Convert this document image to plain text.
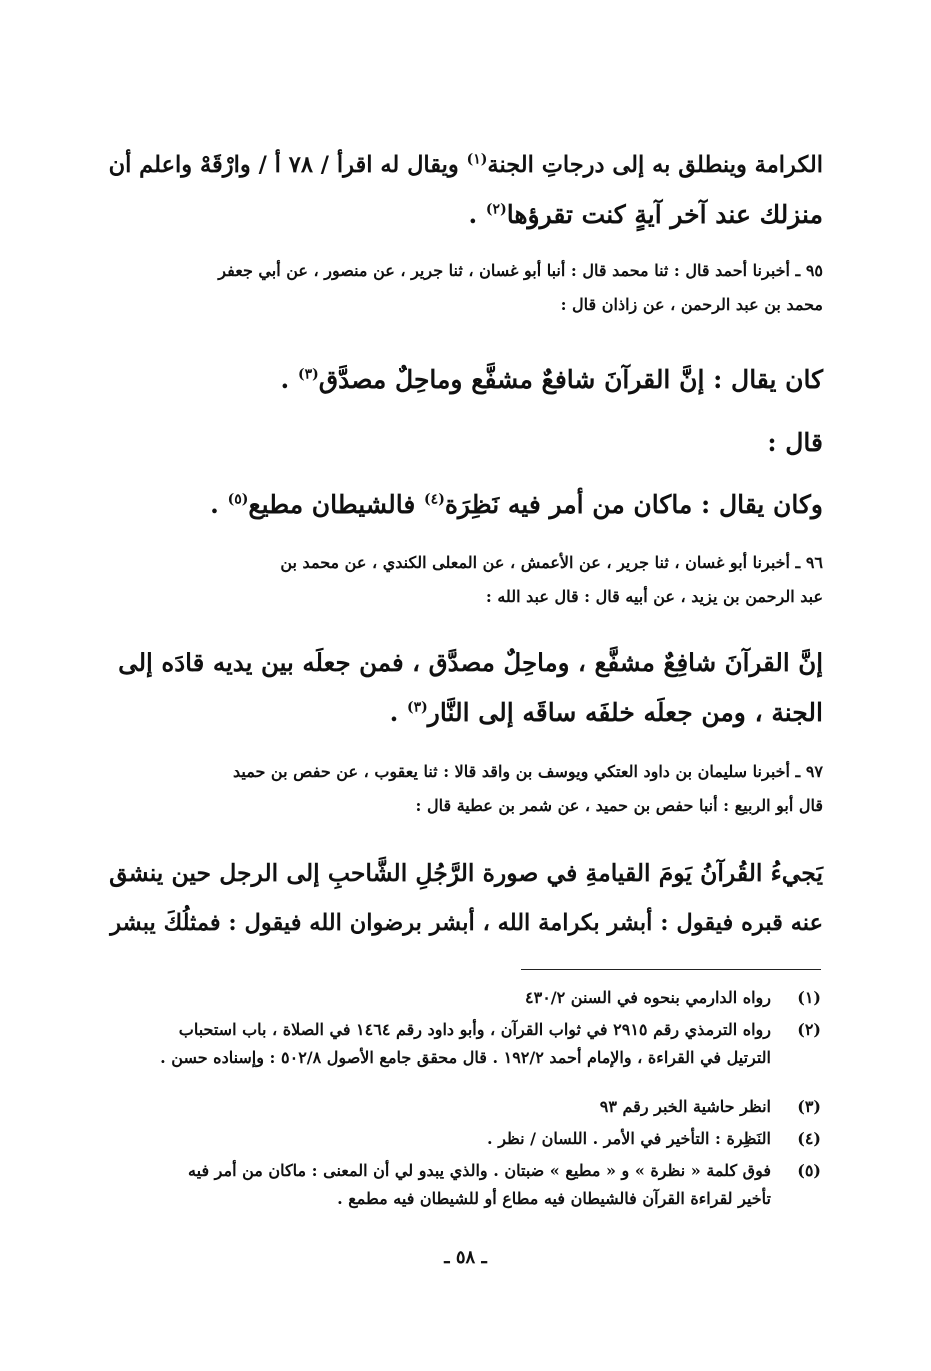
الكرامة وينطلق به إلى درجاتِ الجنة$^{(١)}$ ويقال له اقرأ / ٧٨ أ / وارْقَهْ واعلم أن
منزلك عند آخر آيةٍ كنت تقرؤها$^{(٢)}$ .
٩٥ ـ أخبرنا أحمد قال : ثنا محمد قال : أنبا أبو غسان ، ثنا جرير ، عن منصور ، عن أبي جعفر
محمد بن عبد الرحمن ، عن زاذان قال :
كان يقال : إنَّ القرآنَ شافعٌ مشفَّع وماحِلٌ مصدَّق$^{(٣)}$ .
قال :
وكان يقال : ماكان من أمر فيه نَظِرَة$^{(٤)}$ فالشيطان مطيع$^{(٥)}$ .
٩٦ ـ أخبرنا أبو غسان ، ثنا جرير ، عن الأعمش ، عن المعلى الكندي ، عن محمد بن
عبد الرحمن بن يزيد ، عن أبيه قال : قال عبد الله :
إنَّ القرآنَ شافِعٌ مشفَّع ، وماحِلٌ مصدَّق ، فمن جعلَه بين يديه قادَه إلى
الجنة ، ومن جعلَه خلفَه ساقَه إلى النَّار$^{(٣)}$ .
٩٧ ـ أخبرنا سليمان بن داود العتكي ويوسف بن واقد قالا : ثنا يعقوب ، عن حفص بن حميد
قال أبو الربيع : أنبا حفص بن حميد ، عن شمر بن عطية قال :
يَجيءُ القُرآنُ يَومَ القيامةِ في صورة الرَّجُلِ الشَّاحبِ إلى الرجل حين ينشق
عنه قبره فيقول : أبشر بكرامة الله ، أبشر برضوان الله فيقول : فمثلُكَ يبشر
(١)
رواه الدارمي بنحوه في السنن ٤٣٠/٢
(٢)
رواه الترمذي رقم ٢٩١٥ في ثواب القرآن ، وأبو داود رقم ١٤٦٤ في الصلاة ، باب استحباب
الترتيل في القراءة ، والإمام أحمد ١٩٢/٢ . قال محقق جامع الأصول ٥٠٢/٨ : وإسناده حسن .
(٣)
انظر حاشية الخبر رقم ٩٣
(٤)
النَظِرة : التأخير في الأمر . اللسان / نظر .
(٥)
فوق كلمة « نظرة » و « مطيع » ضبتان . والذي يبدو لي أن المعنى : ماكان من أمر فيه
تأخير لقراءة القرآن فالشيطان فيه مطاع أو للشيطان فيه مطمع .
ـ ٥٨ ـ
